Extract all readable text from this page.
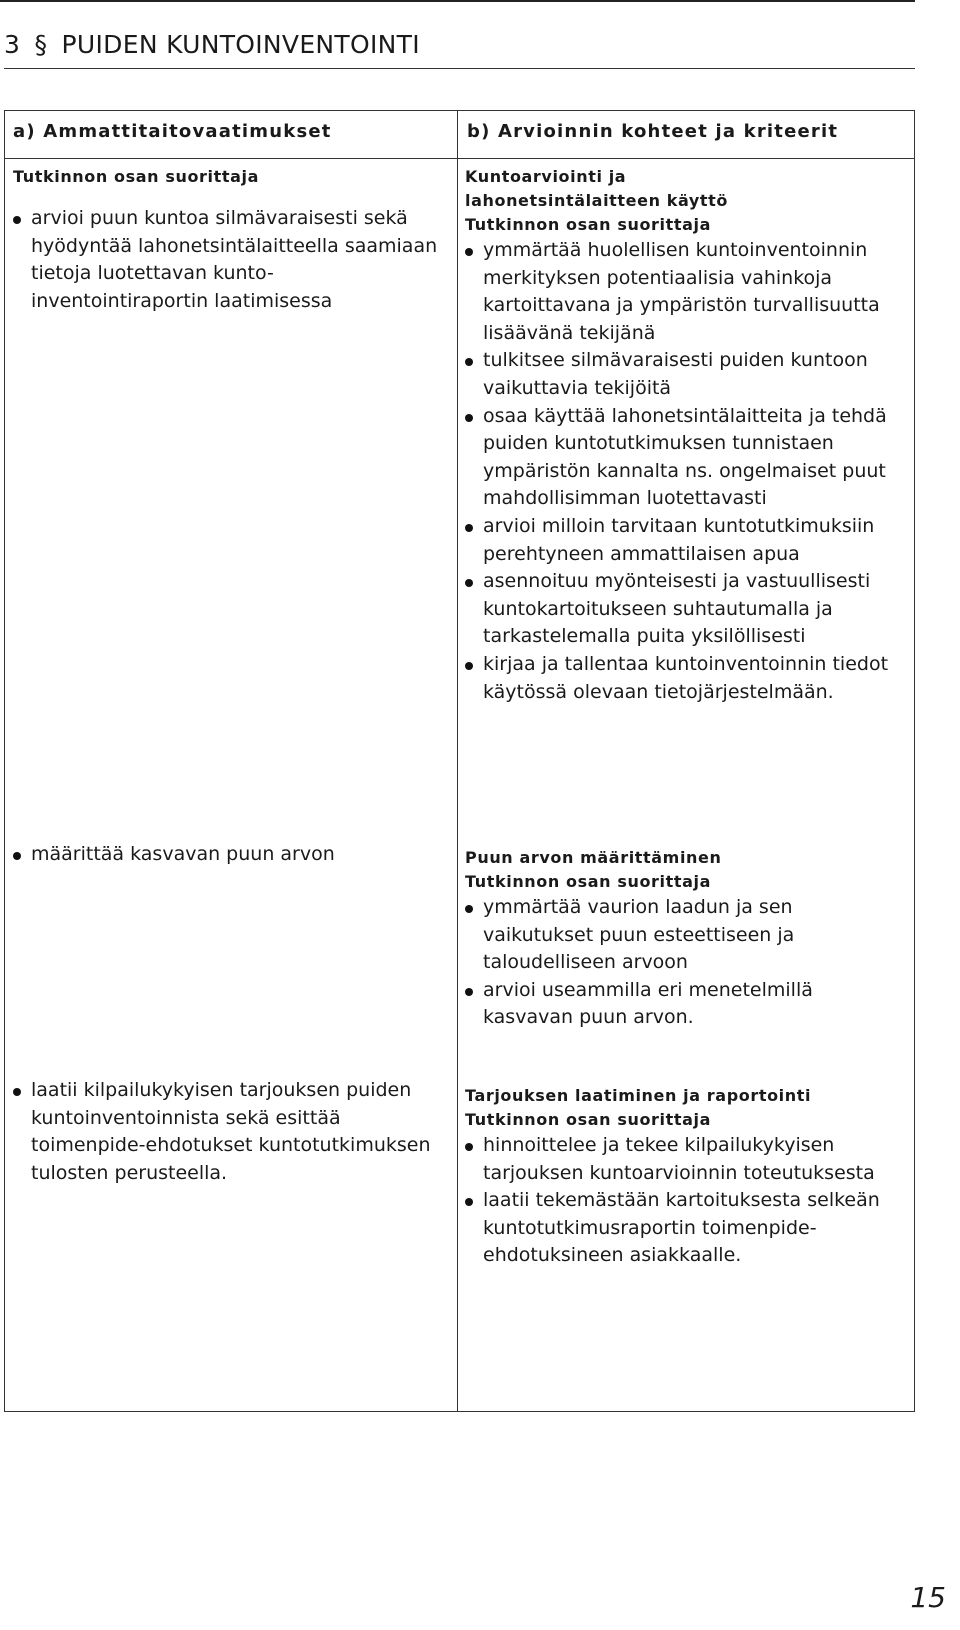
3 § PUIDEN KUNTOINVENTOINTI
a) Ammattitaitovaatimukset	b) Arvioinnin kohteet ja kriteerit
Tutkinnon osan suorittaja
arvioi puun kuntoa silmävaraisesti sekä hyödyntää lahonetsintälaitteella saamiaan tietoja luotettavan kunto-inventointiraportin laatimisessa
Kuntoarviointi ja lahonetsintälaitteen käyttö
Tutkinnon osan suorittaja
ymmärtää huolellisen kuntoinventoinnin merkityksen potentiaalisia vahinkoja kartoittavana ja ympäristön turvallisuutta lisäävänä tekijänä
tulkitsee silmävaraisesti puiden kuntoon vaikuttavia tekijöitä
osaa käyttää lahonetsintälaitteita ja tehdä puiden kuntotutkimuksen tunnistaen ympäristön kannalta ns. ongelmaiset puut mahdollisimman luotettavasti
arvioi milloin tarvitaan kuntotutkimuksiin perehtyneen ammattilaisen apua
asennoituu myönteisesti ja vastuullisesti kuntokartoitukseen suhtautumalla ja tarkastelemalla puita yksilöllisesti
kirjaa ja tallentaa kuntoinventoinnin tiedot käytössä olevaan tietojärjestelmään.
määrittää kasvavan puun arvon	Puun arvon määrittäminen
Tutkinnon osan suorittaja
ymmärtää vaurion laadun ja sen vaikutukset puun esteettiseen ja taloudelliseen arvoon
arvioi useammilla eri menetelmillä kasvavan puun arvon.
laatii kilpailukykyisen tarjouksen puiden kuntoinventoinnista sekä esittää toimenpide-ehdotukset kuntotutkimuksen tulosten perusteella.
Tarjouksen laatiminen ja raportointi
Tutkinnon osan suorittaja
hinnoittelee ja tekee kilpailukykyisen tarjouksen kuntoarvioinnin toteutuksesta
laatii tekemästään kartoituksesta selkeän kuntotutkimusraportin toimenpide-ehdotuksineen asiakkaalle.
15
